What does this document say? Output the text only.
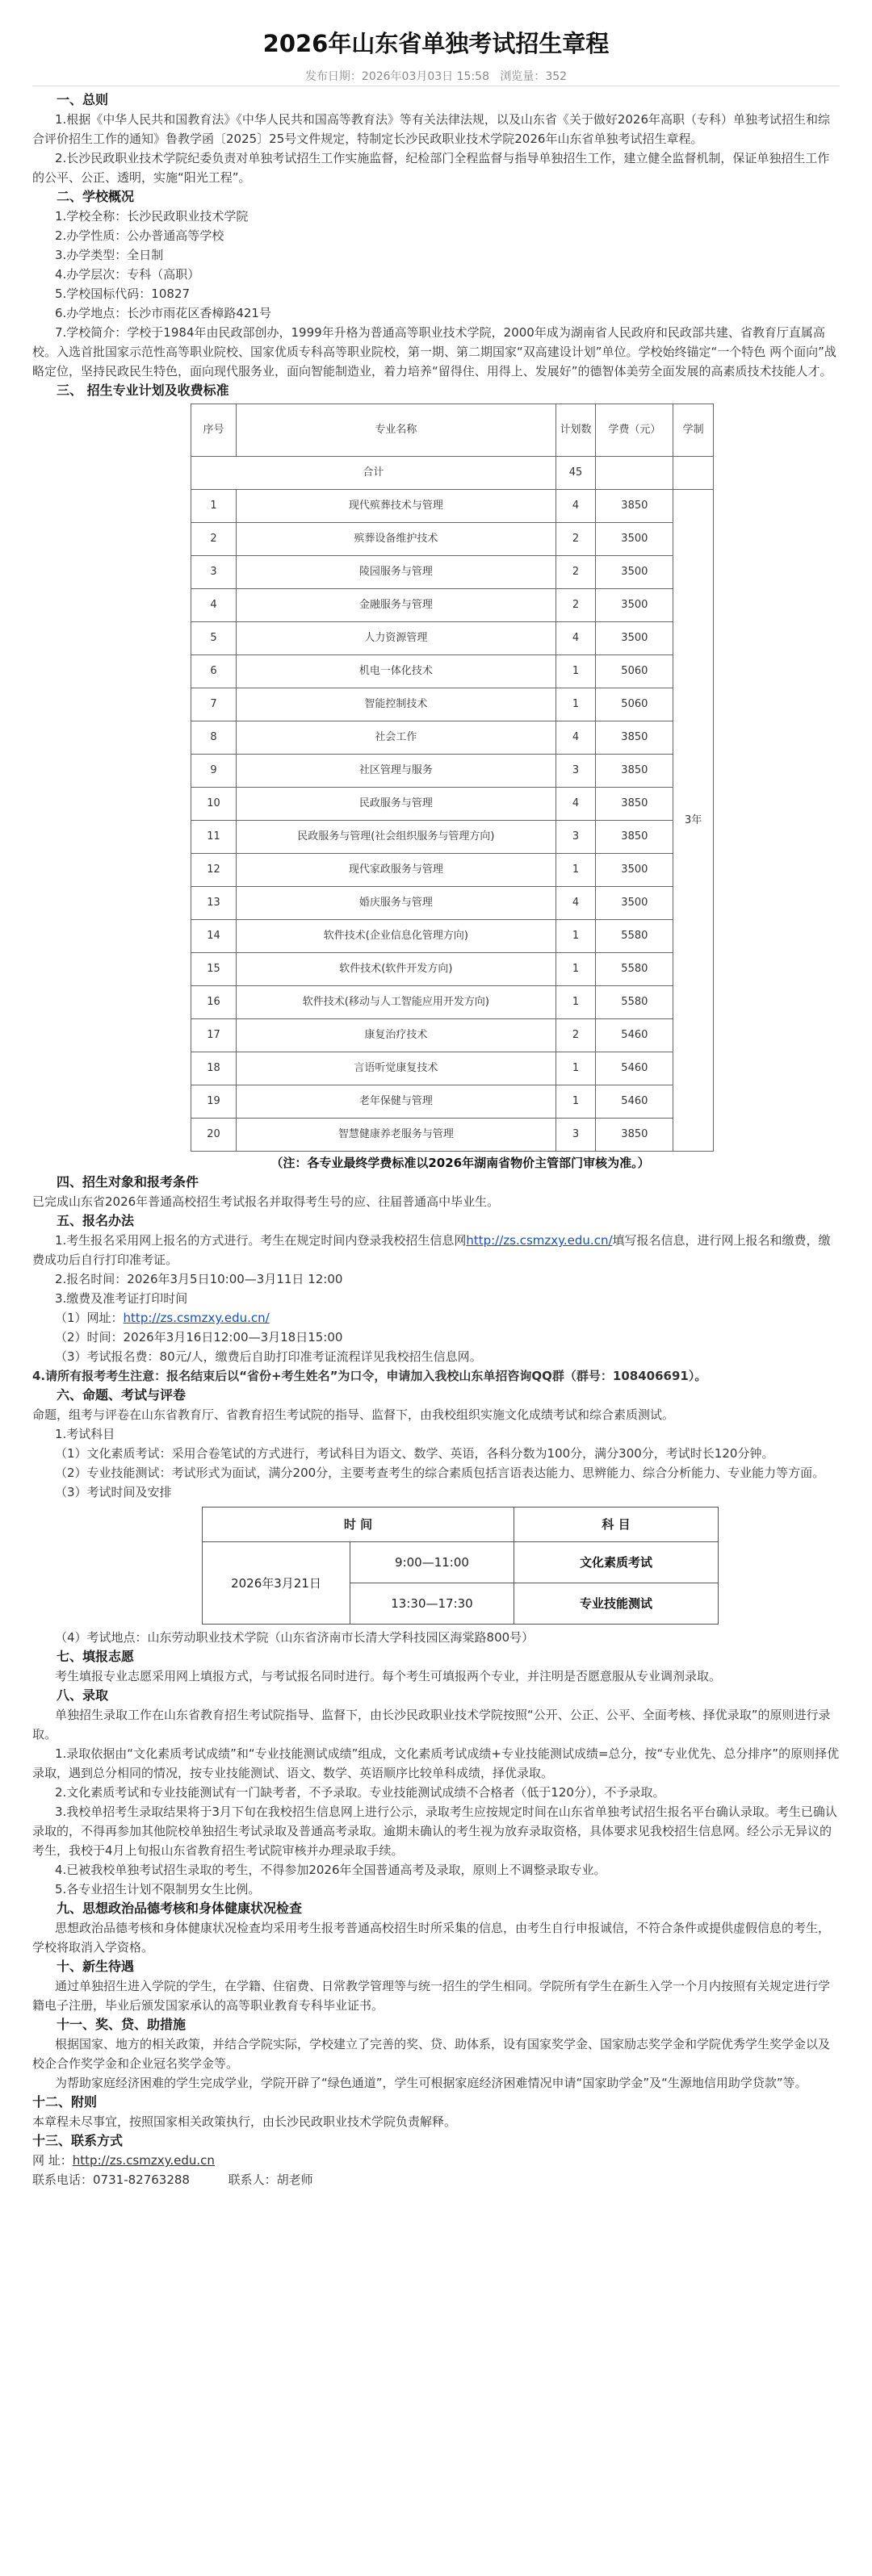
2026年山东省单独考试招生章程
发布日期：2026年03月03日 15:58 浏览量：352

一、总则

1.根据《中华人民共和国教育法》《中华人民共和国高等教育法》等有关法律法规，以及山东省《关于做好2026年高职（专科）单独考试招生和综合评价招生工作的通知》鲁教学函〔2025〕25号文件规定，特制定长沙民政职业技术学院2026年山东省单独考试招生章程。

2.长沙民政职业技术学院纪委负责对单独考试招生工作实施监督，纪检部门全程监督与指导单独招生工作，建立健全监督机制，保证单独招生工作的公平、公正、透明，实施“阳光工程”。

二、学校概况

1.学校全称：长沙民政职业技术学院

2.办学性质：公办普通高等学校

3.办学类型：全日制

4.办学层次：专科（高职）

5.学校国标代码：10827

6.办学地点：长沙市雨花区香樟路421号

7.学校简介：学校于1984年由民政部创办，1999年升格为普通高等职业技术学院，2000年成为湖南省人民政府和民政部共建、省教育厅直属高校。入选首批国家示范性高等职业院校、国家优质专科高等职业院校，第一期、第二期国家“双高建设计划”单位。学校始终锚定“一个特色 两个面向”战略定位，坚持民政民生特色，面向现代服务业，面向智能制造业，着力培养“留得住、用得上、发展好”的德智体美劳全面发展的高素质技术技能人才。

三、 招生专业计划及收费标准

序号	专业名称	计划数	学费（元）	学制
合计		45		
1	现代殡葬技术与管理	4	3850	3年
2	殡葬设备维护技术	2	3500	
3	陵园服务与管理	2	3500	
4	金融服务与管理	2	3500	
5	人力资源管理	4	3500	
6	机电一体化技术	1	5060	
7	智能控制技术	1	5060	
8	社会工作	4	3850	
9	社区管理与服务	3	3850	
10	民政服务与管理	4	3850	
11	民政服务与管理(社会组织服务与管理方向)	3	3850	
12	现代家政服务与管理	1	3500	
13	婚庆服务与管理	4	3500	
14	软件技术(企业信息化管理方向)	1	5580	
15	软件技术(软件开发方向)	1	5580	
16	软件技术(移动与人工智能应用开发方向)	1	5580	
17	康复治疗技术	2	5460	
18	言语听觉康复技术	1	5460	
19	老年保健与管理	1	5460	
20	智慧健康养老服务与管理	3	3850	

（注：各专业最终学费标准以2026年湖南省物价主管部门审核为准。）

四、招生对象和报考条件

已完成山东省2026年普通高校招生考试报名并取得考生号的应、往届普通高中毕业生。

五、报名办法

1.考生报名采用网上报名的方式进行。考生在规定时间内登录我校招生信息网http://zs.csmzxy.edu.cn/填写报名信息，进行网上报名和缴费，缴费成功后自行打印准考证。

2.报名时间：2026年3月5日10:00—3月11日 12:00

3.缴费及准考证打印时间

（1）网址：http://zs.csmzxy.edu.cn/

（2）时间：2026年3月16日12:00—3月18日15:00

（3）考试报名费：80元/人，缴费后自助打印准考证流程详见我校招生信息网。

4.请所有报考考生注意：报名结束后以“省份+考生姓名”为口令，申请加入我校山东单招咨询QQ群（群号：108406691）。

六、命题、考试与评卷

命题，组考与评卷在山东省教育厅、省教育招生考试院的指导、监督下，由我校组织实施文化成绩考试和综合素质测试。

1.考试科目

（1）文化素质考试：采用合卷笔试的方式进行，考试科目为语文、数学、英语，各科分数为100分，满分300分，考试时长120分钟。

（2）专业技能测试：考试形式为面试，满分200分，主要考查考生的综合素质包括言语表达能力、思辨能力、综合分析能力、专业能力等方面。

（3）考试时间及安排

时 间		科 目
2026年3月21日	9:00—11:00	文化素质考试
	13:30—17:30	专业技能测试

（4）考试地点：山东劳动职业技术学院（山东省济南市长清大学科技园区海棠路800号）

七、填报志愿

考生填报专业志愿采用网上填报方式，与考试报名同时进行。每个考生可填报两个专业，并注明是否愿意服从专业调剂录取。

八、录取

单独招生录取工作在山东省教育招生考试院指导、监督下，由长沙民政职业技术学院按照“公开、公正、公平、全面考核、择优录取”的原则进行录取。

1.录取依据由“文化素质考试成绩”和“专业技能测试成绩”组成，文化素质考试成绩+专业技能测试成绩=总分，按“专业优先、总分排序”的原则择优录取，遇到总分相同的情况，按专业技能测试、语文、数学、英语顺序比较单科成绩，择优录取。

2.文化素质考试和专业技能测试有一门缺考者，不予录取。专业技能测试成绩不合格者（低于120分），不予录取。

3.我校单招考生录取结果将于3月下旬在我校招生信息网上进行公示，录取考生应按规定时间在山东省单独考试招生报名平台确认录取。考生已确认录取的，不得再参加其他院校单独招生考试录取及普通高考录取。逾期未确认的考生视为放弃录取资格，具体要求见我校招生信息网。经公示无异议的考生，我校于4月上旬报山东省教育招生考试院审核并办理录取手续。

4.已被我校单独考试招生录取的考生，不得参加2026年全国普通高考及录取，原则上不调整录取专业。

5.各专业招生计划不限制男女生比例。

九、思想政治品德考核和身体健康状况检查

思想政治品德考核和身体健康状况检查均采用考生报考普通高校招生时所采集的信息，由考生自行申报诚信，不符合条件或提供虚假信息的考生，学校将取消入学资格。

十、新生待遇

通过单独招生进入学院的学生，在学籍、住宿费、日常教学管理等与统一招生的学生相同。学院所有学生在新生入学一个月内按照有关规定进行学籍电子注册，毕业后颁发国家承认的高等职业教育专科毕业证书。

十一、奖、贷、助措施

根据国家、地方的相关政策，并结合学院实际，学校建立了完善的奖、贷、助体系，设有国家奖学金、国家励志奖学金和学院优秀学生奖学金以及校企合作奖学金和企业冠名奖学金等。

为帮助家庭经济困难的学生完成学业，学院开辟了“绿色通道”，学生可根据家庭经济困难情况申请“国家助学金”及“生源地信用助学贷款”等。

十二、附则

本章程未尽事宜，按照国家相关政策执行，由长沙民政职业技术学院负责解释。

十三、联系方式

网 址：http://zs.csmzxy.edu.cn

联系电话：0731-82763288	联系人：胡老师
